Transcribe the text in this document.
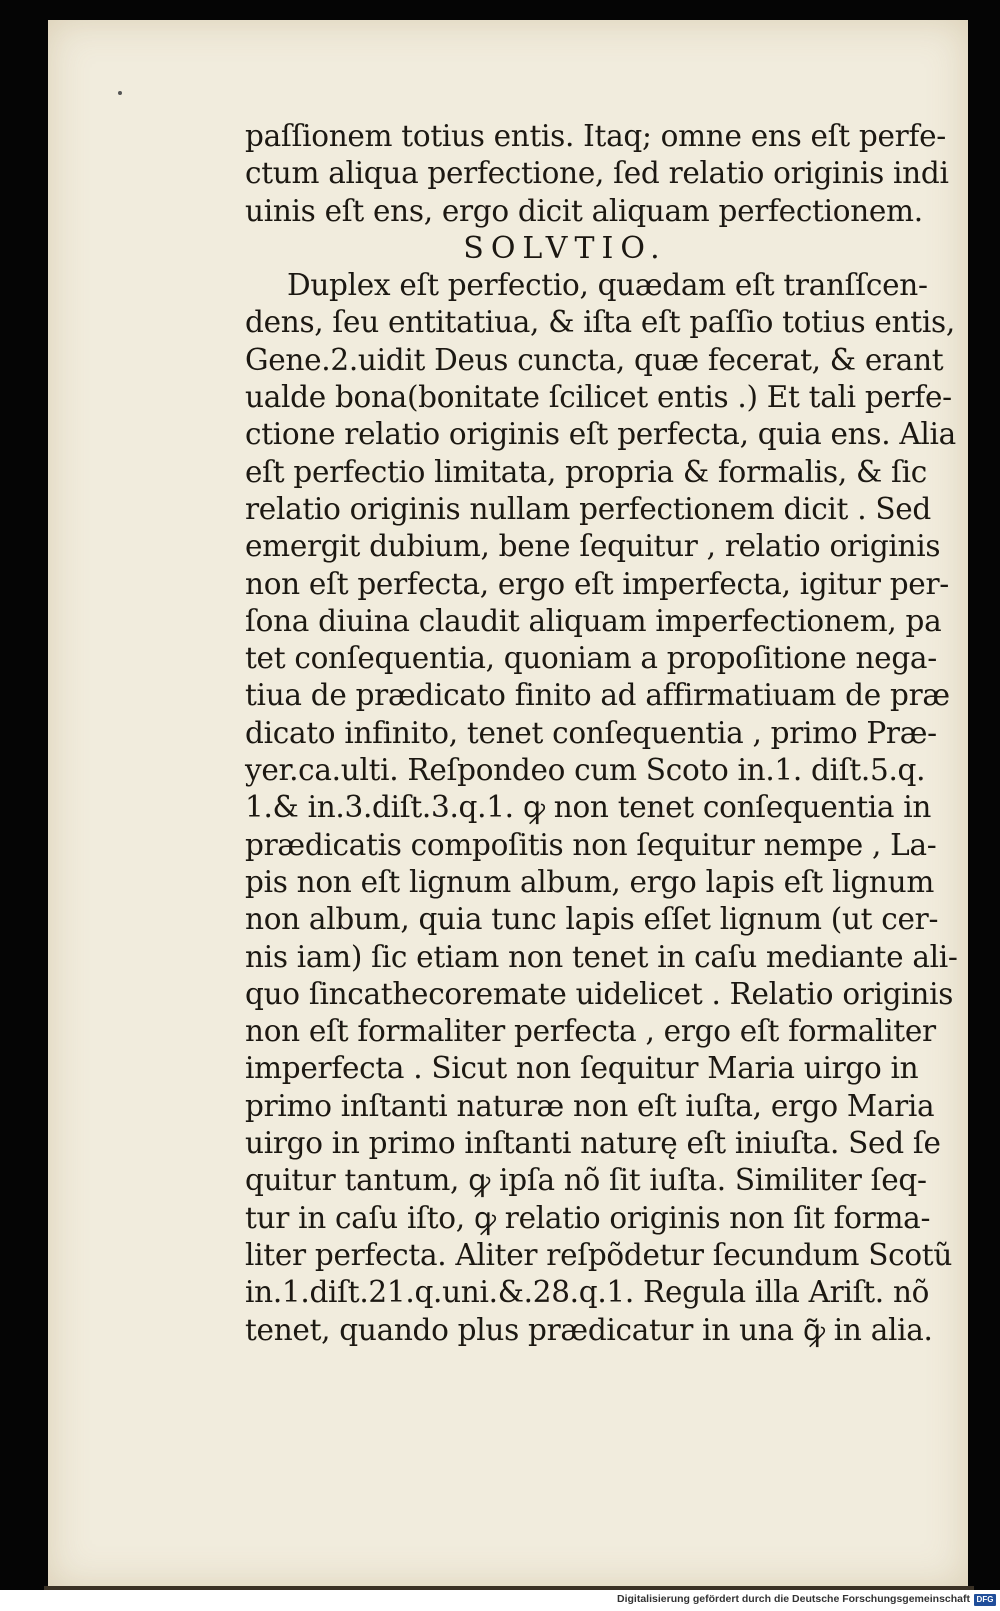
paſſionem totius entis. Itaq; omne ens eſt perfe-
ctum aliqua perfectione, ſed relatio originis indi
uinis eſt ens, ergo dicit aliquam perfectionem.
SOLVTIO.
Duplex eſt perfectio, quædam eſt tranſſcen-
dens, ſeu entitatiua, & iſta eſt paſſio totius entis,
Gene.2.uidit Deus cuncta, quæ fecerat, & erant
ualde bona(bonitate ſcilicet entis .) Et tali perfe-
ctione relatio originis eſt perfecta, quia ens. Alia
eſt perfectio limitata, propria & formalis, & ſic
relatio originis nullam perfectionem dicit . Sed
emergit dubium, bene ſequitur , relatio originis
non eſt perfecta, ergo eſt imperfecta, igitur per-
ſona diuina claudit aliquam imperfectionem, pa
tet conſequentia, quoniam a propoſitione nega-
tiua de prædicato finito ad affirmatiuam de præ
dicato infinito, tenet conſequentia , primo Præ-
yer.ca.ulti. Reſpondeo cum Scoto in.1. diſt.5.q.
1.& in.3.diſt.3.q.1. ꝙ non tenet conſequentia in
prædicatis compoſitis non ſequitur nempe , La-
pis non eſt lignum album, ergo lapis eſt lignum
non album, quia tunc lapis eſſet lignum (ut cer-
nis iam) ſic etiam non tenet in caſu mediante ali-
quo ſincathecoremate uidelicet . Relatio originis
non eſt formaliter perfecta , ergo eſt formaliter
imperfecta . Sicut non ſequitur Maria uirgo in
primo inſtanti naturæ non eſt iuſta, ergo Maria
uirgo in primo inſtanti naturę eſt iniuſta. Sed ſe
quitur tantum, ꝙ ipſa nõ ſit iuſta. Similiter ſeq-
tur in caſu iſto, ꝙ relatio originis non ſit forma-
liter perfecta. Aliter reſpõdetur ſecundum Scotũ
in.1.diſt.21.q.uni.&.28.q.1. Regula illa Ariſt. nõ
tenet, quando plus prædicatur in una ꝙ̃ in alia.
Digitalisierung gefördert durch die Deutsche Forschungsgemeinschaft DFG
